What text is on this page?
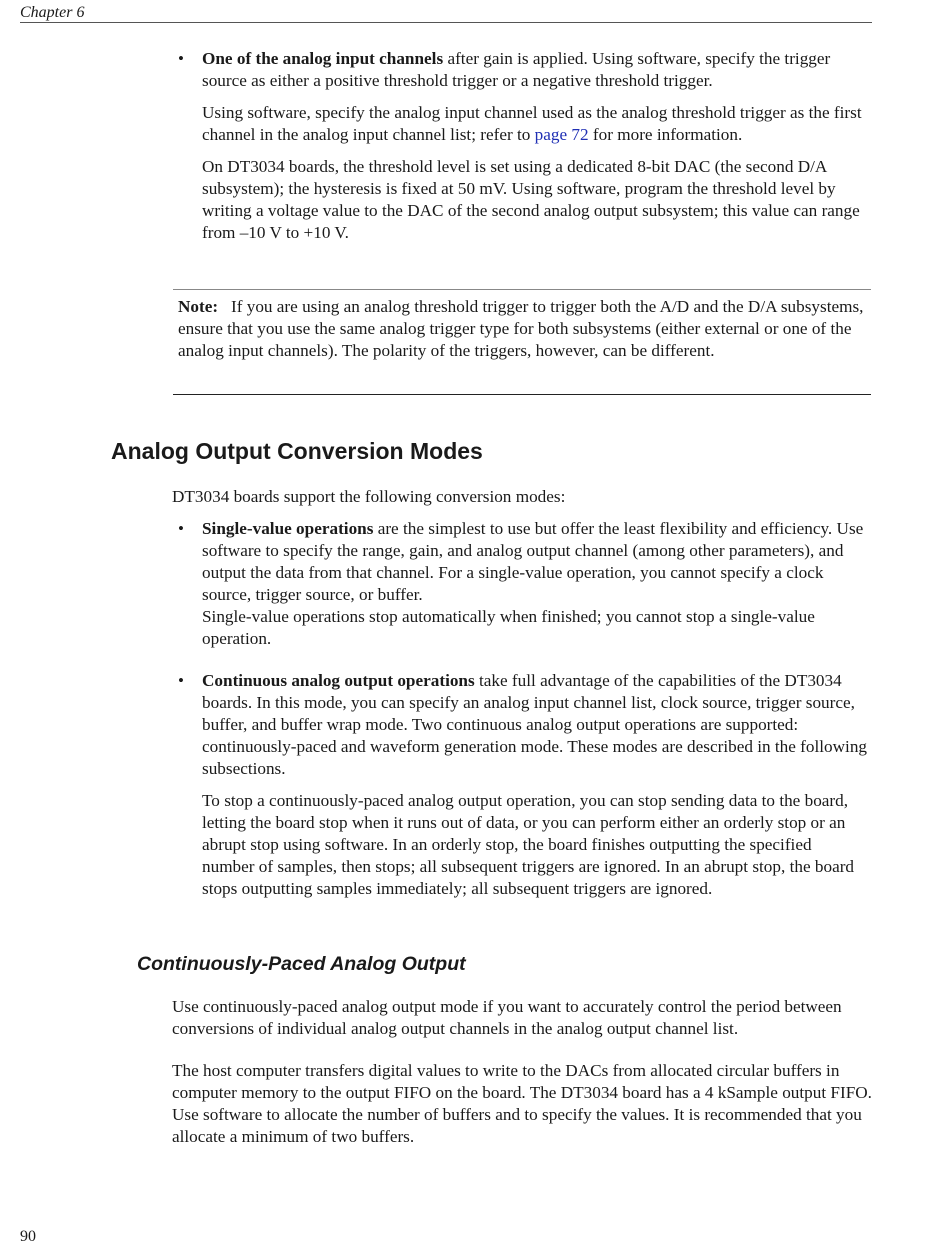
Chapter 6
• One of the analog input channels after gain is applied. Using software, specify the trigger source as either a positive threshold trigger or a negative threshold trigger.

Using software, specify the analog input channel used as the analog threshold trigger as the first channel in the analog input channel list; refer to page 72 for more information.

On DT3034 boards, the threshold level is set using a dedicated 8-bit DAC (the second D/A subsystem); the hysteresis is fixed at 50 mV. Using software, program the threshold level by writing a voltage value to the DAC of the second analog output subsystem; this value can range from –10 V to +10 V.

Note: If you are using an analog threshold trigger to trigger both the A/D and the D/A subsystems, ensure that you use the same analog trigger type for both subsystems (either external or one of the analog input channels). The polarity of the triggers, however, can be different.

Analog Output Conversion Modes

DT3034 boards support the following conversion modes:

• Single-value operations are the simplest to use but offer the least flexibility and efficiency. Use software to specify the range, gain, and analog output channel (among other parameters), and output the data from that channel. For a single-value operation, you cannot specify a clock source, trigger source, or buffer.
Single-value operations stop automatically when finished; you cannot stop a single-value operation.
• Continuous analog output operations take full advantage of the capabilities of the DT3034 boards. In this mode, you can specify an analog input channel list, clock source, trigger source, buffer, and buffer wrap mode. Two continuous analog output operations are supported: continuously-paced and waveform generation mode. These modes are described in the following subsections.

To stop a continuously-paced analog output operation, you can stop sending data to the board, letting the board stop when it runs out of data, or you can perform either an orderly stop or an abrupt stop using software. In an orderly stop, the board finishes outputting the specified number of samples, then stops; all subsequent triggers are ignored. In an abrupt stop, the board stops outputting samples immediately; all subsequent triggers are ignored.

Continuously-Paced Analog Output

Use continuously-paced analog output mode if you want to accurately control the period between conversions of individual analog output channels in the analog output channel list.

The host computer transfers digital values to write to the DACs from allocated circular buffers in computer memory to the output FIFO on the board. The DT3034 board has a 4 kSample output FIFO. Use software to allocate the number of buffers and to specify the values. It is recommended that you allocate a minimum of two buffers.

90
